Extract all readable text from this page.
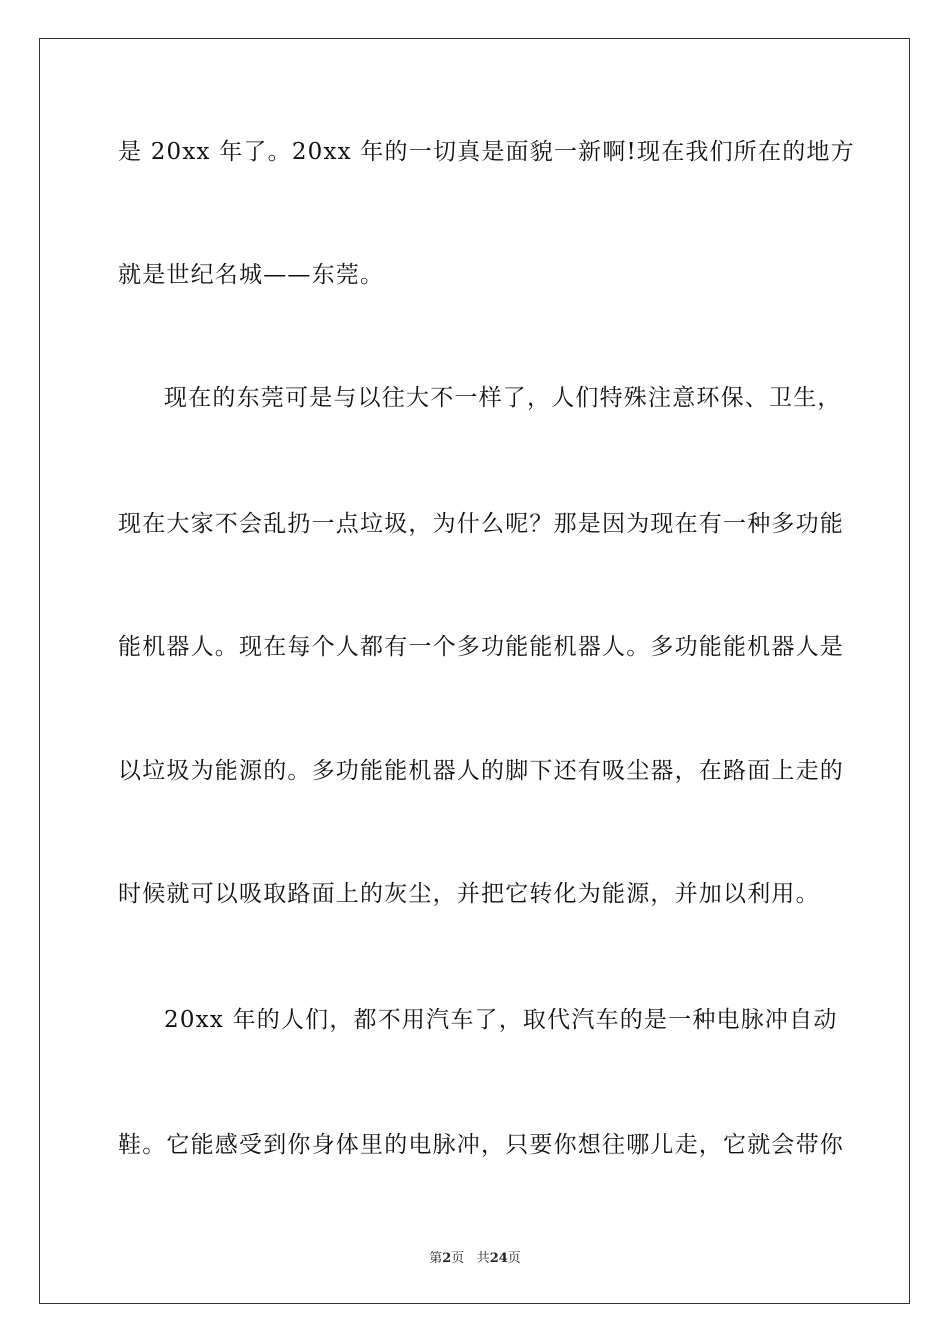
是 20xx 年了。20xx 年的一切真是面貌一新啊!现在我们所在的地方
就是世纪名城——东莞。
现在的东莞可是与以往大不一样了，人们特殊注意环保、卫生，
现在大家不会乱扔一点垃圾，为什么呢？那是因为现在有一种多功能
能机器人。现在每个人都有一个多功能能机器人。多功能能机器人是
以垃圾为能源的。多功能能机器人的脚下还有吸尘器，在路面上走的
时候就可以吸取路面上的灰尘，并把它转化为能源，并加以利用。
20xx 年的人们，都不用汽车了，取代汽车的是一种电脉冲自动
鞋。它能感受到你身体里的电脉冲，只要你想往哪儿走，它就会带你
第2页 共24页
